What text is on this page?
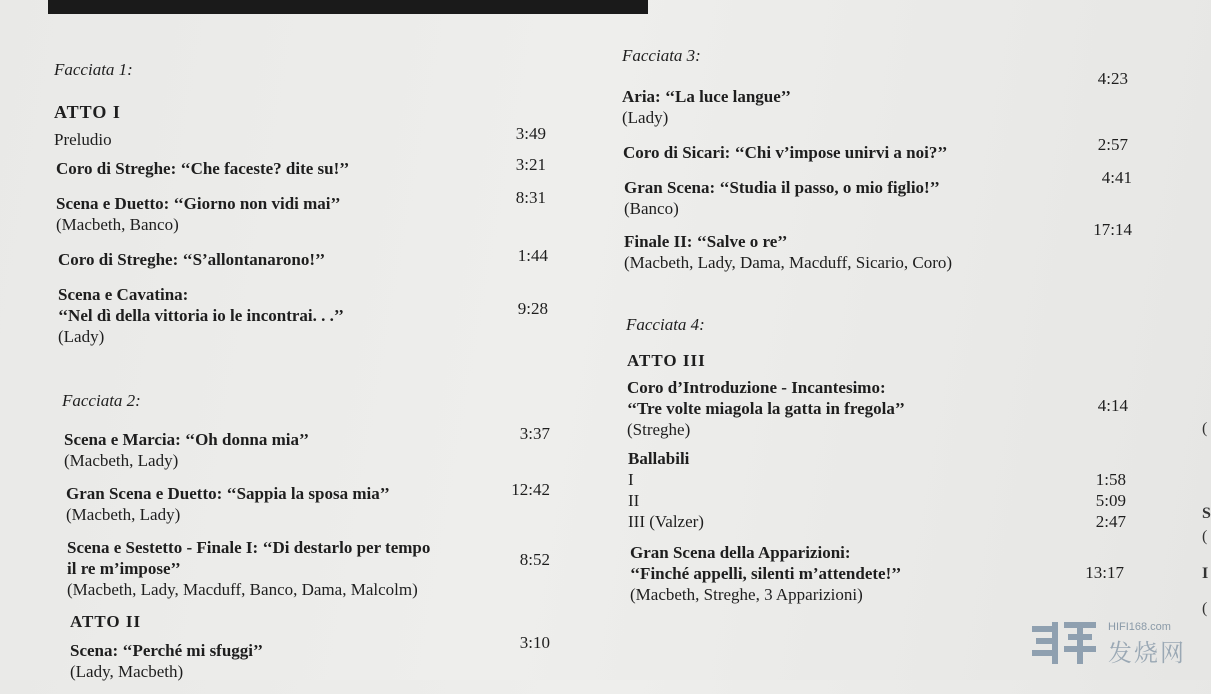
Facciata 1:
ATTO I
Preludio	3:49
Coro di Streghe: ‘‘Che faceste? dite su!’’	3:21
Scena e Duetto: ‘‘Giorno non vidi mai’’
(Macbeth, Banco)
8:31
Coro di Streghe: ‘‘S’allontanarono!’’	1:44
Scena e Cavatina:
‘‘Nel dì della vittoria io le incontrai. . .’’
(Lady)
9:28
Facciata 2:
Scena e Marcia: ‘‘Oh donna mia’’
(Macbeth, Lady)
3:37
Gran Scena e Duetto: ‘‘Sappia la sposa mia’’
(Macbeth, Lady)
12:42
Scena e Sestetto - Finale I: ‘‘Di destarlo per tempo
il re m’impose’’
(Macbeth, Lady, Macduff, Banco, Dama, Malcolm)
8:52
ATTO II
Scena: ‘‘Perché mi sfuggi’’
(Lady, Macbeth)
3:10
Facciata 3:
Aria: ‘‘La luce langue’’
(Lady)
4:23
Coro di Sicari: ‘‘Chi v’impose unirvi a noi?’’	2:57
Gran Scena: ‘‘Studia il passo, o mio figlio!’’
(Banco)
4:41
Finale II: ‘‘Salve o re’’
(Macbeth, Lady, Dama, Macduff, Sicario, Coro)
17:14
Facciata 4:
ATTO III
Coro d’Introduzione - Incantesimo:
‘‘Tre volte miagola la gatta in fregola’’
(Streghe)
4:14
Ballabili
I	1:58
II	5:09
III (Valzer)	2:47
Gran Scena della Apparizioni:
‘‘Finché appelli, silenti m’attendete!’’
(Macbeth, Streghe, 3 Apparizioni)
13:17
(
S
(
I
(
HIFI168.com
发烧网
